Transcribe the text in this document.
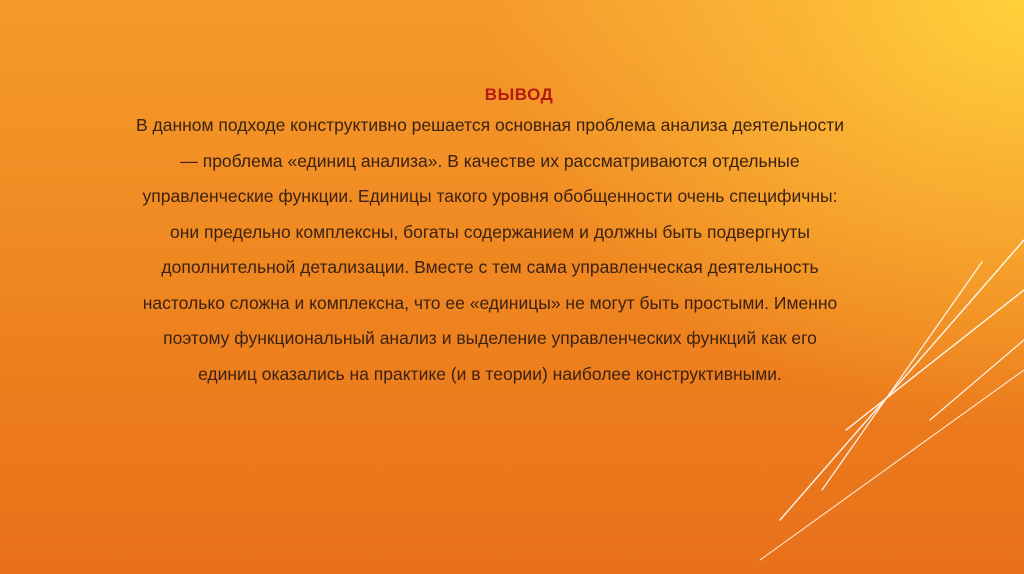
ВЫВОД

В данном подходе конструктивно решается основная проблема анализа деятельности
— проблема «единиц анализа». В качестве их рассматриваются отдельные
управленческие функции. Единицы такого уровня обобщенности очень специфичны:
они предельно комплексны, богаты содержанием и должны быть подвергнуты
дополнительной детализации. Вместе с тем сама управленческая деятельность
настолько сложна и комплексна, что ее «единицы» не могут быть простыми. Именно
поэтому функциональный анализ и выделение управленческих функций как его
единиц оказались на практике (и в теории) наиболее конструктивными.
